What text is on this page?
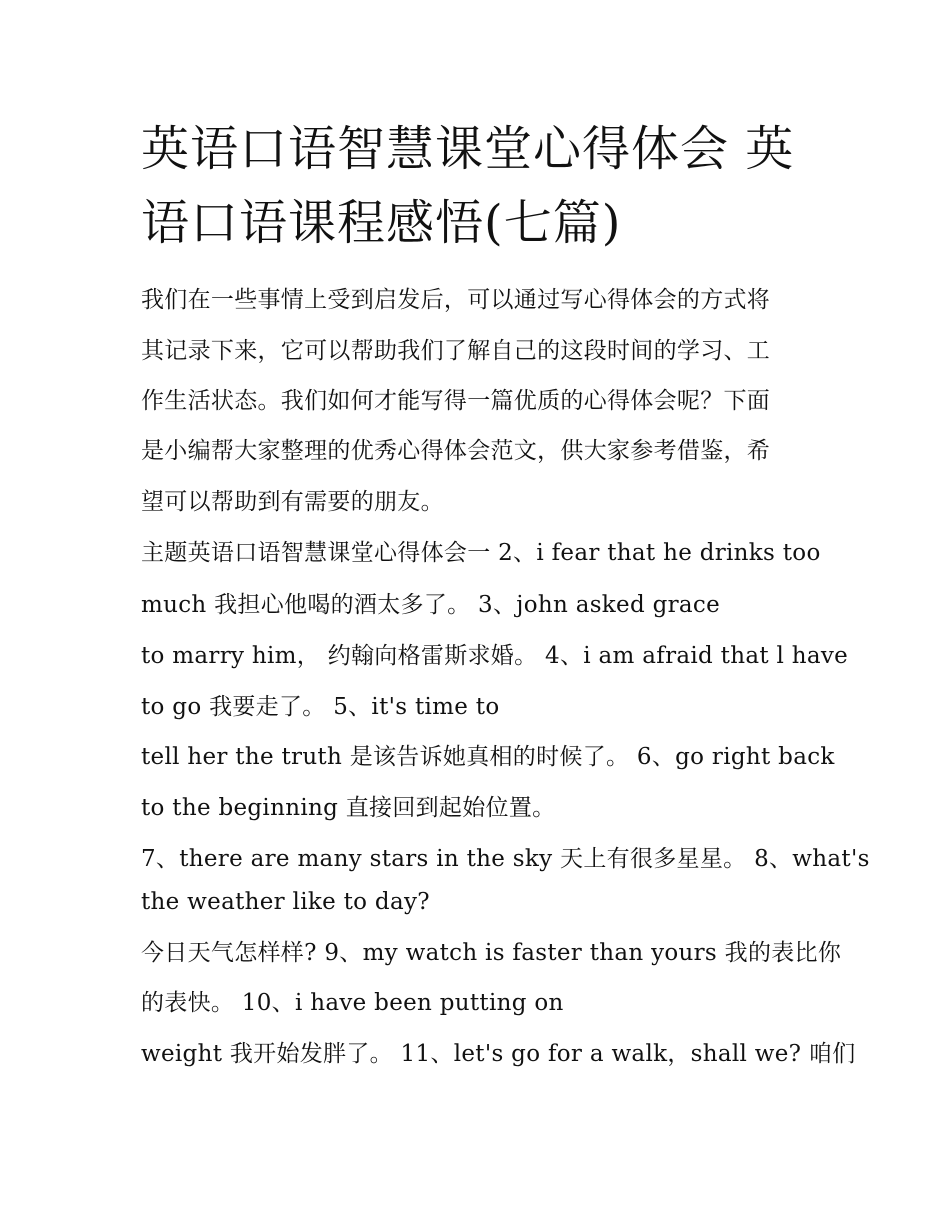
英语口语智慧课堂心得体会 英语口语课程感悟(七篇)
我们在一些事情上受到启发后，可以通过写心得体会的方式将
其记录下来，它可以帮助我们了解自己的这段时间的学习、工
作生活状态。我们如何才能写得一篇优质的心得体会呢？下面
是小编帮大家整理的优秀心得体会范文，供大家参考借鉴，希
望可以帮助到有需要的朋友。
主题英语口语智慧课堂心得体会一 2、i fear that he drinks too
much 我担心他喝的酒太多了。 3、john asked grace
to marry him， 约翰向格雷斯求婚。 4、i am afraid that l have
to go 我要走了。 5、it's time to
tell her the truth 是该告诉她真相的时候了。 6、go right back
to the beginning 直接回到起始位置。
7、there are many stars in the sky 天上有很多星星。 8、what's
the weather like to day?
今日天气怎样样? 9、my watch is faster than yours 我的表比你
的表快。 10、i have been putting on
weight 我开始发胖了。 11、let's go for a walk，shall we? 咱们
